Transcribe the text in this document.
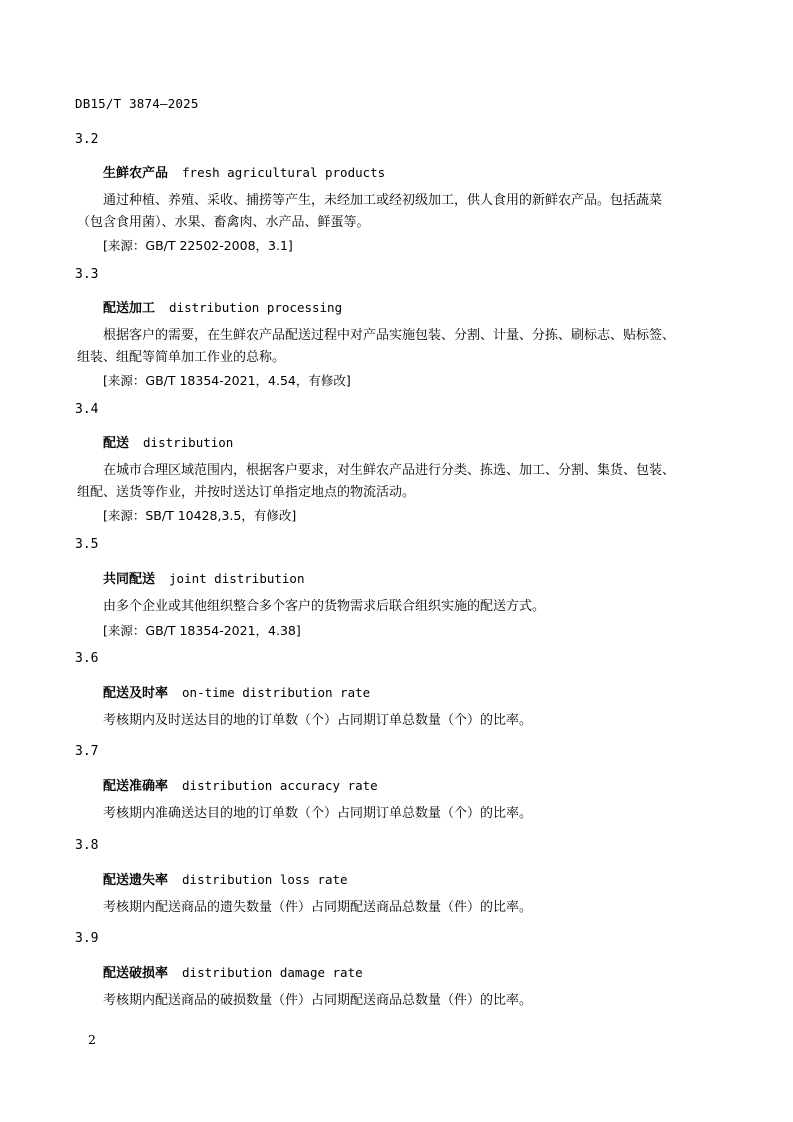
DB15/T 3874—2025
3.2
生鲜农产品 fresh agricultural products
通过种植、养殖、采收、捕捞等产生，未经加工或经初级加工，供人食用的新鲜农产品。包括蔬菜
（包含食用菌）、水果、畜禽肉、水产品、鲜蛋等。
[来源：GB/T 22502-2008，3.1]
3.3
配送加工 distribution processing
根据客户的需要，在生鲜农产品配送过程中对产品实施包装、分割、计量、分拣、刷标志、贴标签、
组装、组配等简单加工作业的总称。
[来源：GB/T 18354-2021，4.54，有修改]
3.4
配送 distribution
在城市合理区域范围内，根据客户要求，对生鲜农产品进行分类、拣选、加工、分割、集货、包装、
组配、送货等作业，并按时送达订单指定地点的物流活动。
[来源：SB/T 10428,3.5，有修改]
3.5
共同配送 joint distribution
由多个企业或其他组织整合多个客户的货物需求后联合组织实施的配送方式。
[来源：GB/T 18354-2021，4.38]
3.6
配送及时率 on-time distribution rate
考核期内及时送达目的地的订单数（个）占同期订单总数量（个）的比率。
3.7
配送准确率 distribution accuracy rate
考核期内准确送达目的地的订单数（个）占同期订单总数量（个）的比率。
3.8
配送遗失率 distribution loss rate
考核期内配送商品的遗失数量（件）占同期配送商品总数量（件）的比率。
3.9
配送破损率 distribution damage rate
考核期内配送商品的破损数量（件）占同期配送商品总数量（件）的比率。
2
